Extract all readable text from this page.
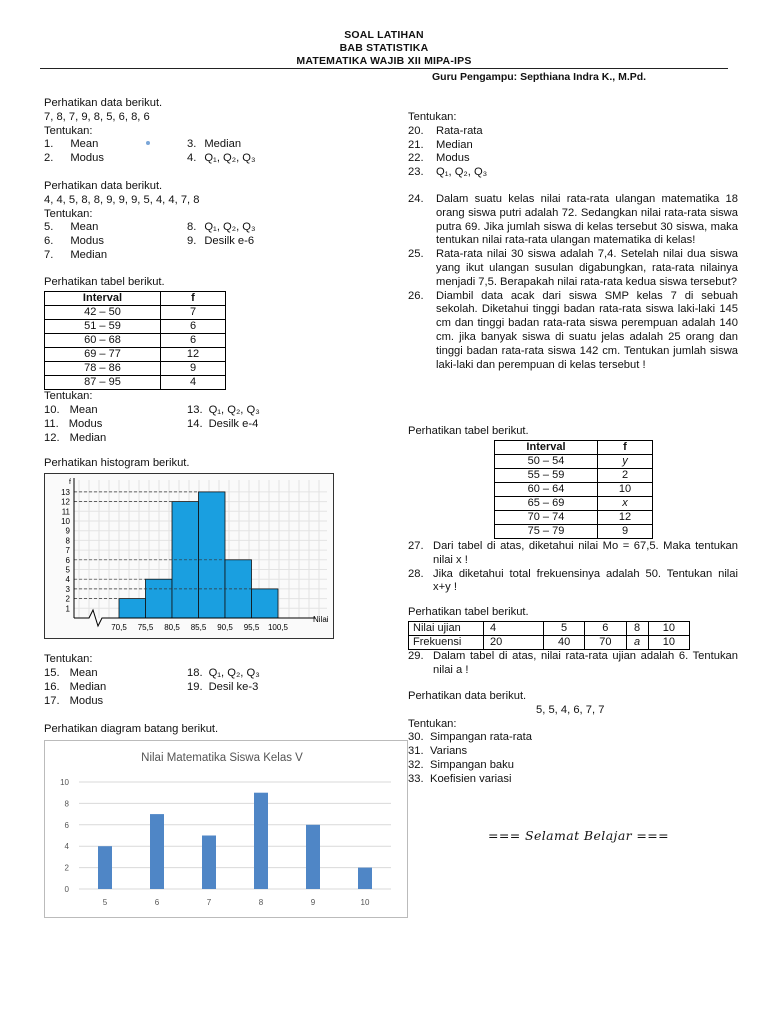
SOAL LATIHAN
BAB STATISTIKA
MATEMATIKA WAJIB XII MIPA-IPS
Guru Pengampu: Septhiana Indra K., M.Pd.
Perhatikan data berikut.
7, 8, 7, 9, 8, 5, 6, 8, 6
Tentukan:
1. Mean
2. Modus
3. Median
4. Q₁, Q₂, Q₃
Perhatikan data berikut.
4, 4, 5, 8, 8, 9, 9, 9, 5, 4, 4, 7, 8
Tentukan:
5. Mean
6. Modus
7. Median
8. Q₁, Q₂, Q₃
9. Desilk e-6
Perhatikan tabel berikut.
Interval	f
42 – 50	7
51 – 59	6
60 – 68	6
69 – 77	12
78 – 86	9
87 – 95	4
Tentukan:
10. Mean
11. Modus
12. Median
13. Q₁, Q₂, Q₃
14. Desilk e-4
Perhatikan histogram berikut.
1
2
3
4
5
6
7
8
9
10
11
12
13
f
70,5 75,5 80,5 85,5 90,5 95,5 100,5
Nilai
Tentukan:
15. Mean
16. Median
17. Modus
18. Q₁, Q₂, Q₃
19. Desil ke-3
Perhatikan diagram batang berikut.
Nilai Matematika Siswa Kelas V
0
2
4
6
8
10
5	6	7	8	9	10
Tentukan:
20.	Rata-rata
21.	Median
22.	Modus
23.	Q₁, Q₂, Q₃
24.	Dalam suatu kelas nilai rata-rata ulangan matematika 18 orang siswa putri adalah 72. Sedangkan nilai rata-rata siswa putra 69. Jika jumlah siswa di kelas tersebut 30 siswa, maka tentukan nilai rata-rata ulangan matematika di kelas!
25.	Rata-rata nilai 30 siswa adalah 7,4. Setelah nilai dua siswa yang ikut ulangan susulan digabungkan, rata-rata nilainya menjadi 7,5. Berapakah nilai rata-rata kedua siswa tersebut?
26.	Diambil data acak dari siswa SMP kelas 7 di sebuah sekolah. Diketahui tinggi badan rata-rata siswa laki-laki 145 cm dan tinggi badan rata-rata siswa perempuan adalah 140 cm. jika banyak siswa di suatu jelas adalah 25 orang dan tinggi badan rata-rata siswa 142 cm. Tentukan jumlah siswa laki-laki dan perempuan di kelas tersebut !
Perhatikan tabel berikut.
Interval	f
50 – 54	y
55 – 59	2
60 – 64	10
65 – 69	x
70 – 74	12
75 – 79	9
27. Dari tabel di atas, diketahui nilai Mo = 67,5. Maka tentukan nilai x !
28. Jika diketahui total frekuensinya adalah 50. Tentukan nilai x+y !
Perhatikan tabel berikut.
Nilai ujian	4	5	6	8	10
Frekuensi	20	40	70	a	10
29. Dalam tabel di atas, nilai rata-rata ujian adalah 6. Tentukan nilai a !
Perhatikan data berikut.
5, 5, 4, 6, 7, 7
Tentukan:
30. Simpangan rata-rata
31. Varians
32. Simpangan baku
33. Koefisien variasi
=== Selamat Belajar ===
